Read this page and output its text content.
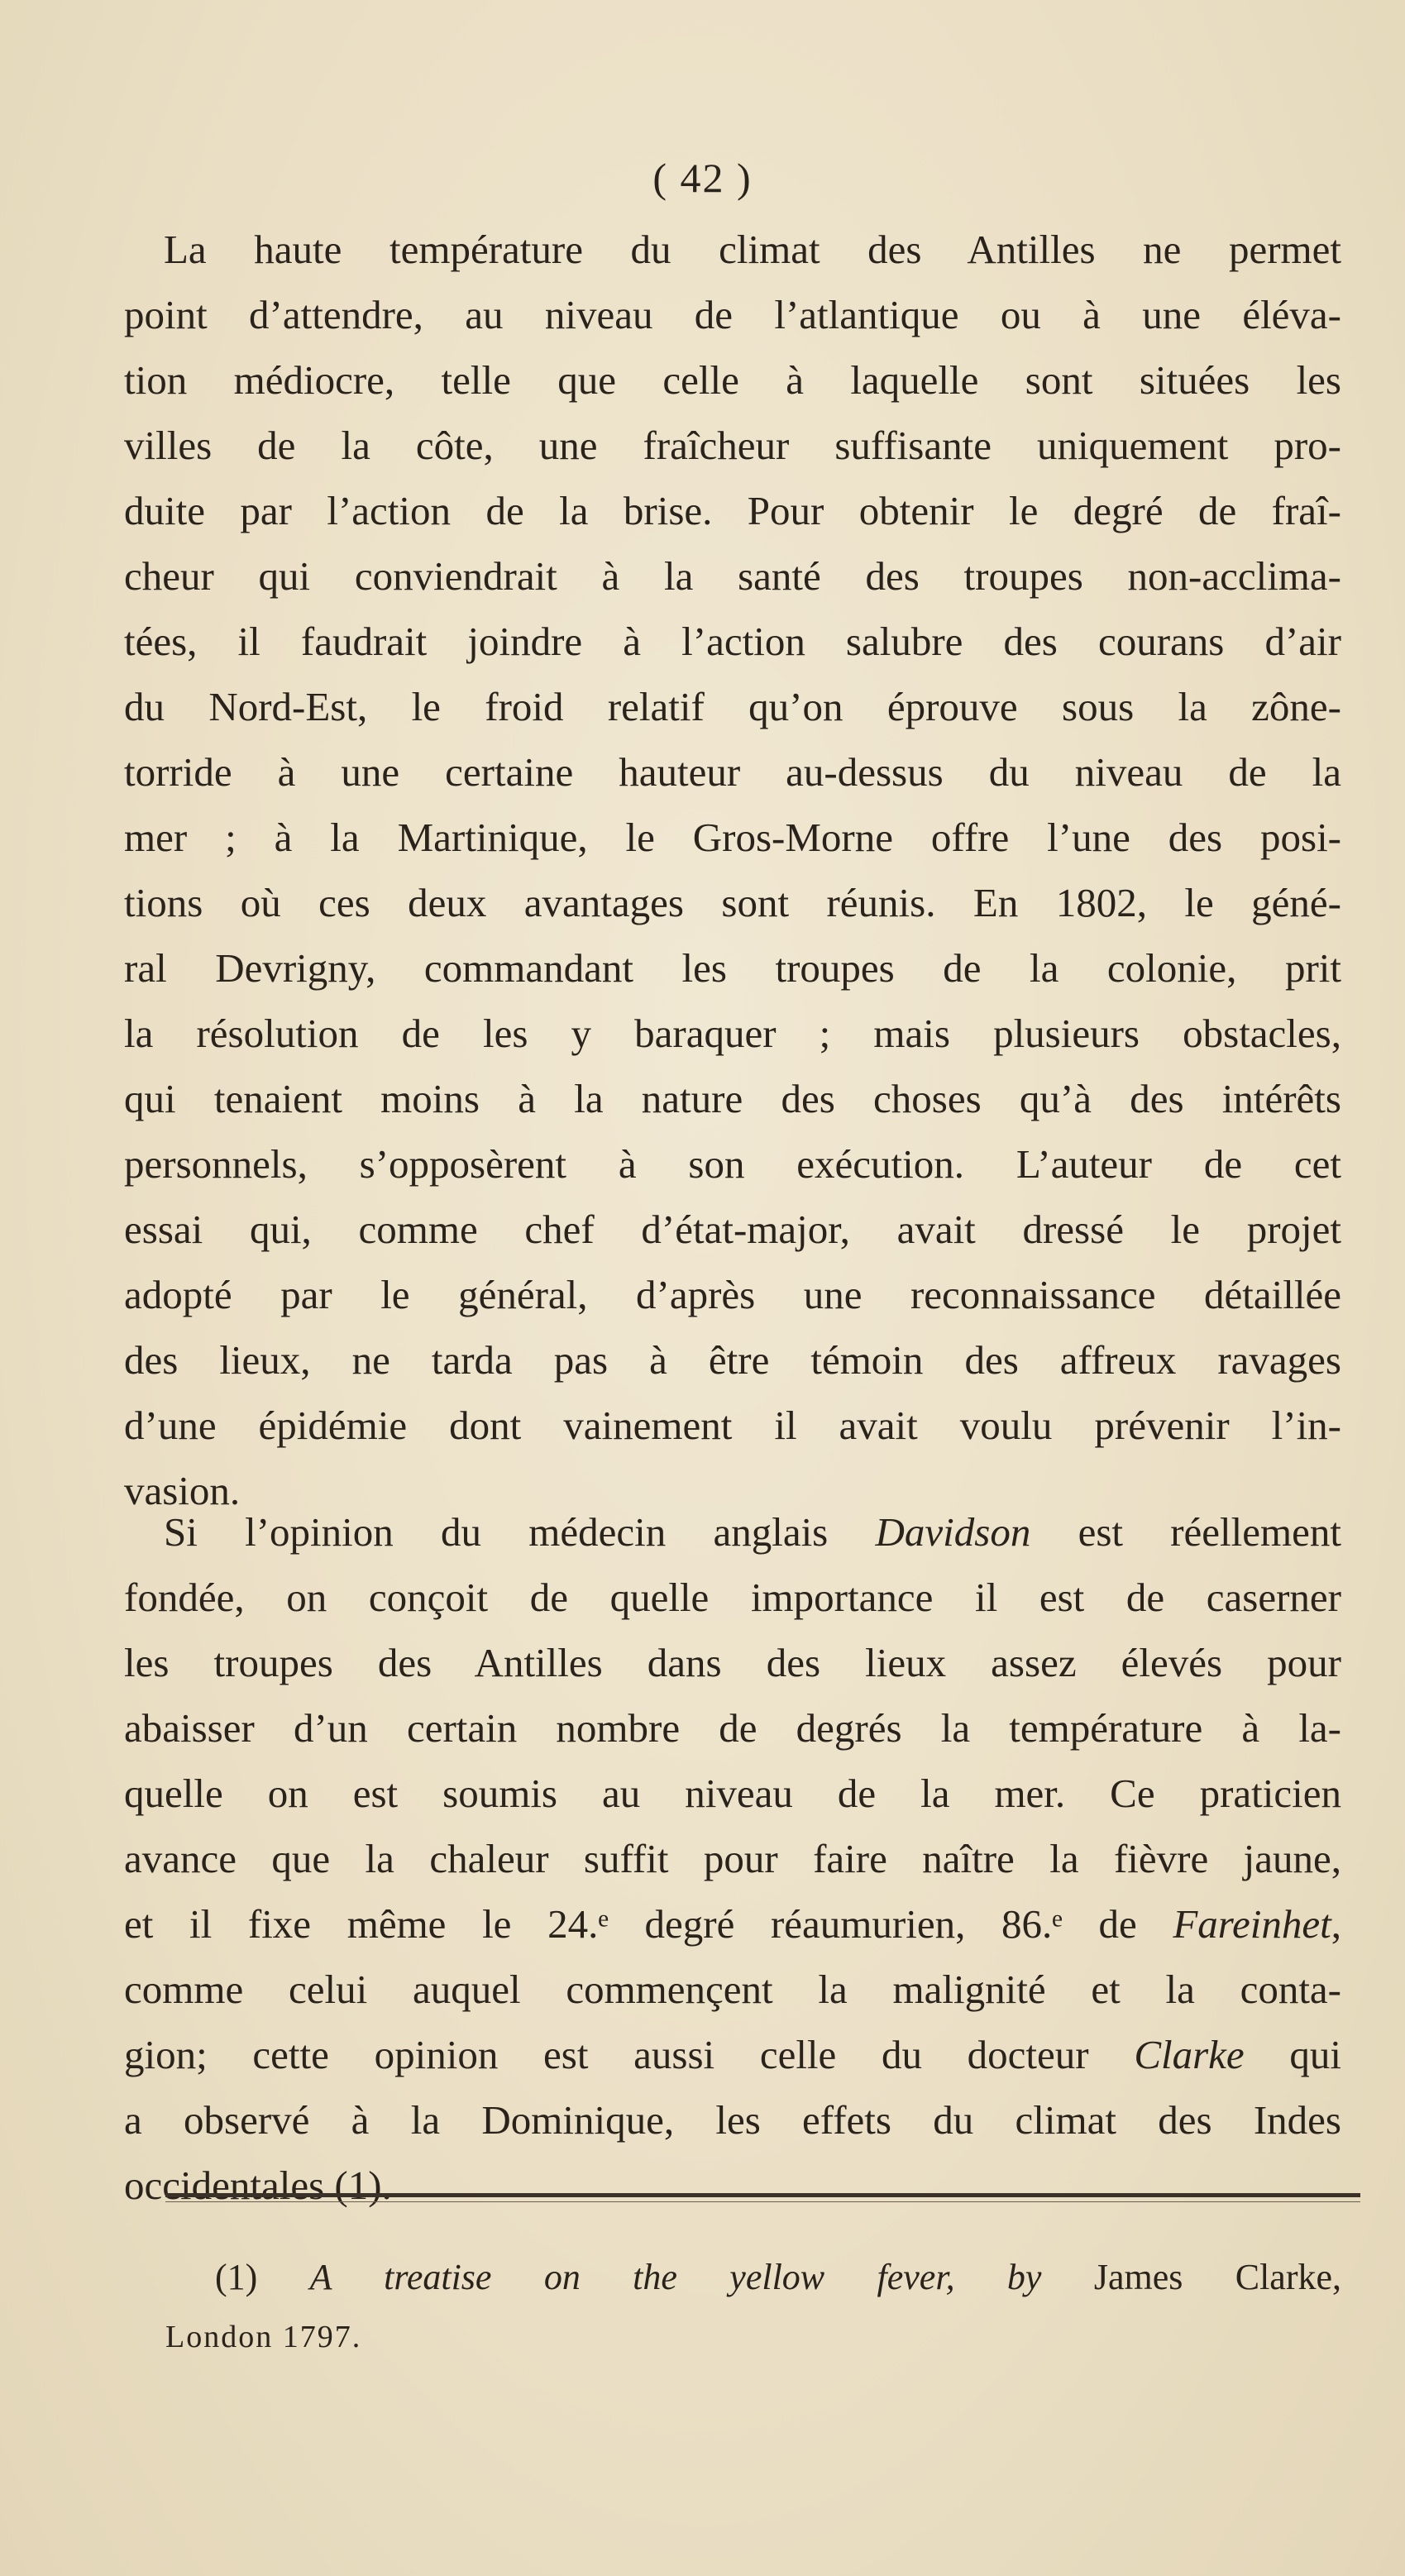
( 42 )
La haute température du climat des Antilles ne permet
point d’attendre, au niveau de l’atlantique ou à une éléva-
tion médiocre, telle que celle à laquelle sont situées les
villes de la côte, une fraîcheur suffisante uniquement pro-
duite par l’action de la brise. Pour obtenir le degré de fraî-
cheur qui conviendrait à la santé des troupes non-acclima-
tées, il faudrait joindre à l’action salubre des courans d’air
du Nord-Est, le froid relatif qu’on éprouve sous la zône-
torride à une certaine hauteur au-dessus du niveau de la
mer ; à la Martinique, le Gros-Morne offre l’une des posi-
tions où ces deux avantages sont réunis. En 1802, le géné-
ral Devrigny, commandant les troupes de la colonie, prit
la résolution de les y baraquer ; mais plusieurs obstacles,
qui tenaient moins à la nature des choses qu’à des intérêts
personnels, s’opposèrent à son exécution. L’auteur de cet
essai qui, comme chef d’état-major, avait dressé le projet
adopté par le général, d’après une reconnaissance détaillée
des lieux, ne tarda pas à être témoin des affreux ravages
d’une épidémie dont vainement il avait voulu prévenir l’in-
vasion.
Si l’opinion du médecin anglais Davidson est réellement
fondée, on conçoit de quelle importance il est de caserner
les troupes des Antilles dans des lieux assez élevés pour
abaisser d’un certain nombre de degrés la température à la-
quelle on est soumis au niveau de la mer. Ce praticien
avance que la chaleur suffit pour faire naître la fièvre jaune,
et il fixe même le 24.ᵉ degré réaumurien, 86.ᵉ de Fareinhet,
comme celui auquel commençent la malignité et la conta-
gion; cette opinion est aussi celle du docteur Clarke qui
a observé à la Dominique, les effets du climat des Indes
occidentales (1).
(1) A treatise on the yellow fever, by James Clarke,
London 1797.
